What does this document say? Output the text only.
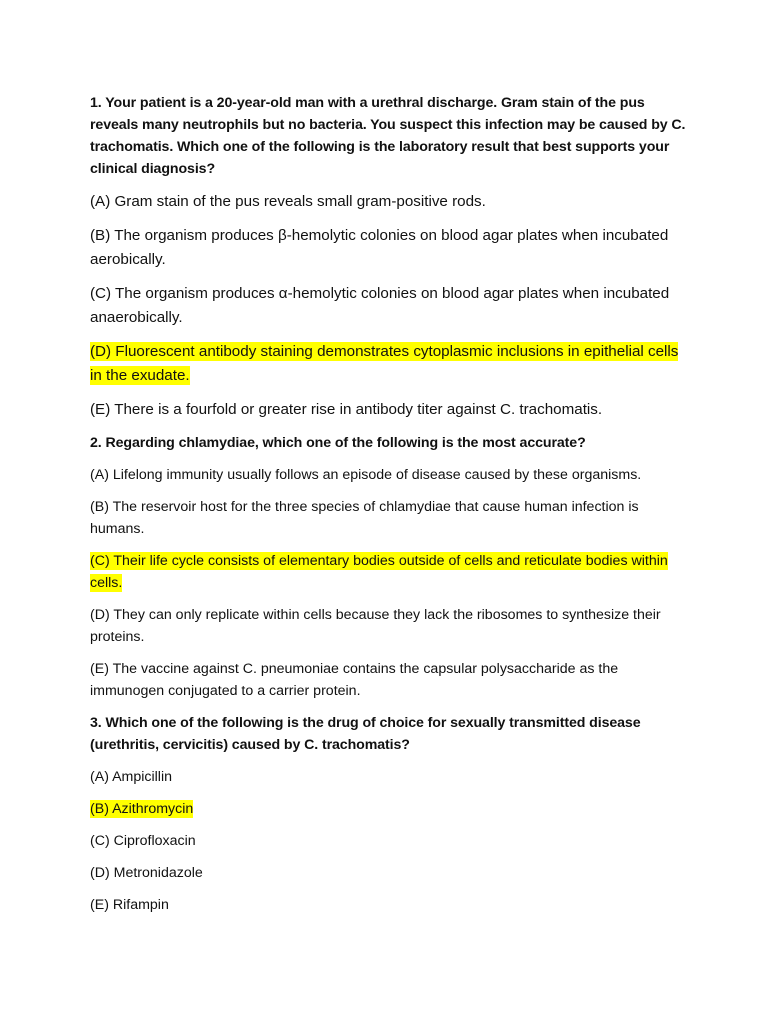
1. Your patient is a 20-year-old man with a urethral discharge. Gram stain of the pus reveals many neutrophils but no bacteria. You suspect this infection may be caused by C. trachomatis. Which one of the following is the laboratory result that best supports your clinical diagnosis?

(A) Gram stain of the pus reveals small gram-positive rods.

(B) The organism produces β-hemolytic colonies on blood agar plates when incubated aerobically.

(C) The organism produces α-hemolytic colonies on blood agar plates when incubated anaerobically.

(D) Fluorescent antibody staining demonstrates cytoplasmic inclusions in epithelial cells in the exudate.

(E) There is a fourfold or greater rise in antibody titer against C. trachomatis.

2. Regarding chlamydiae, which one of the following is the most accurate?

(A) Lifelong immunity usually follows an episode of disease caused by these organisms.

(B) The reservoir host for the three species of chlamydiae that cause human infection is humans.

(C) Their life cycle consists of elementary bodies outside of cells and reticulate bodies within cells.

(D) They can only replicate within cells because they lack the ribosomes to synthesize their proteins.

(E) The vaccine against C. pneumoniae contains the capsular polysaccharide as the immunogen conjugated to a carrier protein.

3. Which one of the following is the drug of choice for sexually transmitted disease (urethritis, cervicitis) caused by C. trachomatis?

(A) Ampicillin

(B) Azithromycin

(C) Ciprofloxacin

(D) Metronidazole

(E) Rifampin
